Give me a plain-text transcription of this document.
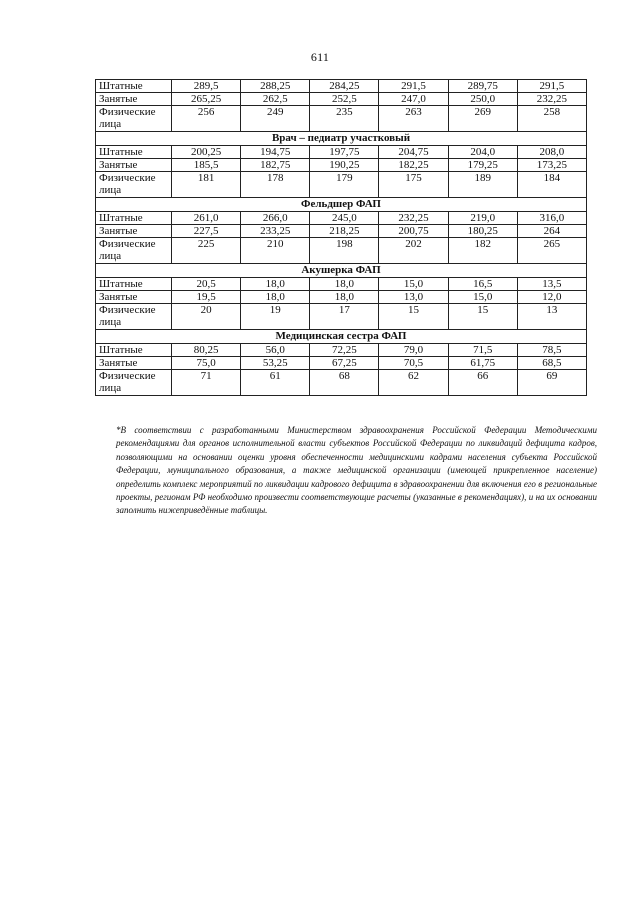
611
Штатные	289,5	288,25	284,25	291,5	289,75	291,5
Занятые	265,25	262,5	252,5	247,0	250,0	232,25
Физические лица	256	249	235	263	269	258
Врач – педиатр участковый						
Штатные	200,25	194,75	197,75	204,75	204,0	208,0
Занятые	185,5	182,75	190,25	182,25	179,25	173,25
Физические лица	181	178	179	175	189	184
Фельдшер ФАП						
Штатные	261,0	266,0	245,0	232,25	219,0	316,0
Занятые	227,5	233,25	218,25	200,75	180,25	264
Физические лица	225	210	198	202	182	265
Акушерка ФАП						
Штатные	20,5	18,0	18,0	15,0	16,5	13,5
Занятые	19,5	18,0	18,0	13,0	15,0	12,0
Физические лица	20	19	17	15	15	13
Медицинская сестра ФАП						
Штатные	80,25	56,0	72,25	79,0	71,5	78,5
Занятые	75,0	53,25	67,25	70,5	61,75	68,5
Физические лица	71	61	68	62	66	69
*В соответствии с разработанными Министерством здравоохранения Российской Федерации Методическими рекомендациями для органов исполнительной власти субъектов Российской Федерации по ликвидаций дефицита кадров, позволяющими на основании оценки уровня обеспеченности медицинскими кадрами населения субъекта Российской Федерации, муниципального образования, а также медицинской организации (имеющей прикрепленное население) определить комплекс мероприятий по ликвидации кадрового дефицита в здравоохранении для включения его в региональные проекты, регионам РФ необходимо произвести соответствующие расчеты (указанные в рекомендациях), и на их основании заполнить нижеприведённые таблицы.
